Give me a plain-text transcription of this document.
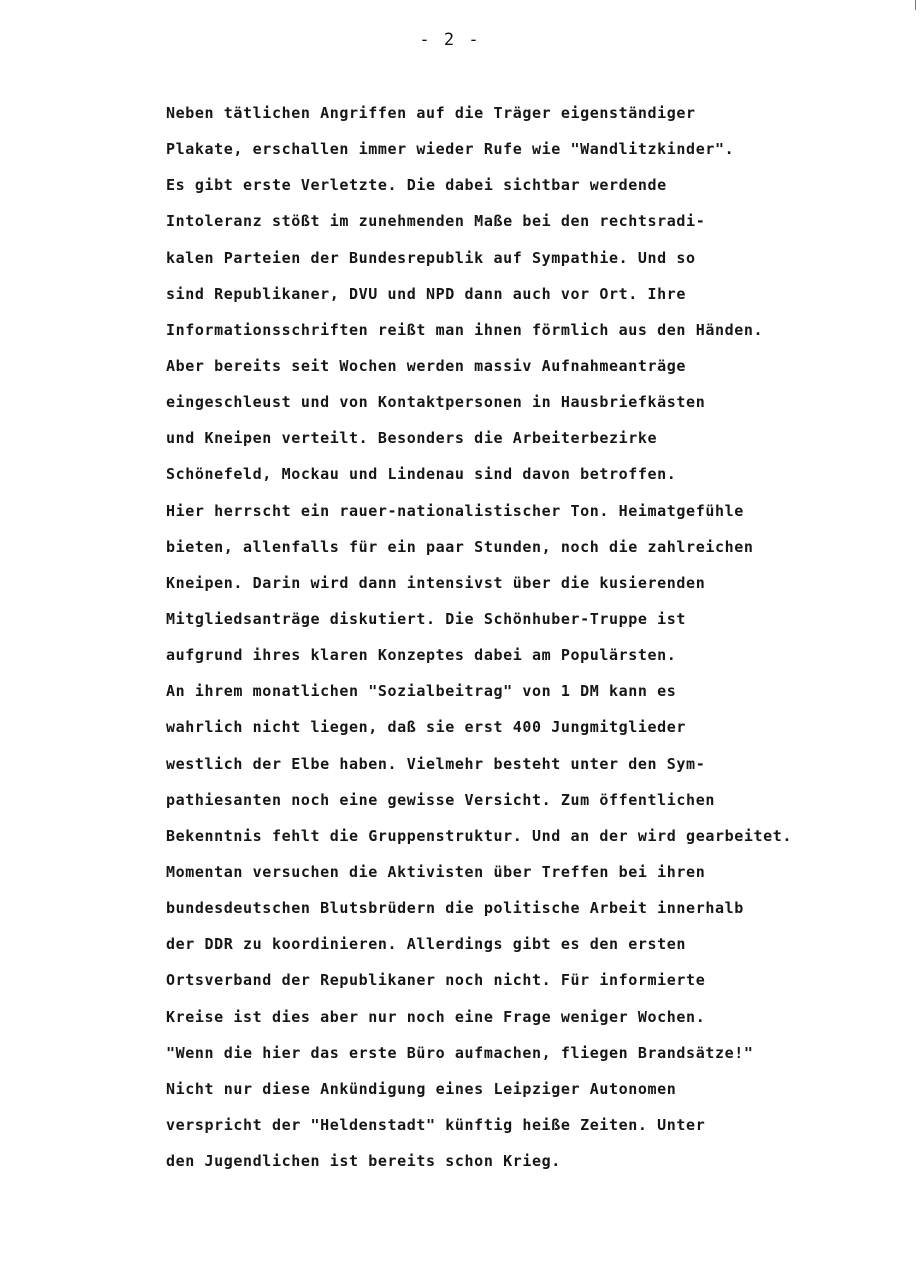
- 2 -
Neben tätlichen Angriffen auf die Träger eigenständiger
Plakate, erschallen immer wieder Rufe wie "Wandlitzkinder".
Es gibt erste Verletzte. Die dabei sichtbar werdende
Intoleranz stößt im zunehmenden Maße bei den rechtsradi-
kalen Parteien der Bundesrepublik auf Sympathie. Und so
sind Republikaner, DVU und NPD dann auch vor Ort. Ihre
Informationsschriften reißt man ihnen förmlich aus den Händen.
Aber bereits seit Wochen werden massiv Aufnahmeanträge
eingeschleust und von Kontaktpersonen in Hausbriefkästen
und Kneipen verteilt. Besonders die Arbeiterbezirke
Schönefeld, Mockau und Lindenau sind davon betroffen.
Hier herrscht ein rauer-nationalistischer Ton. Heimatgefühle
bieten, allenfalls für ein paar Stunden, noch die zahlreichen
Kneipen. Darin wird dann intensivst über die kusierenden
Mitgliedsanträge diskutiert. Die Schönhuber-Truppe ist
aufgrund ihres klaren Konzeptes dabei am Populärsten.
An ihrem monatlichen "Sozialbeitrag" von 1 DM kann es
wahrlich nicht liegen, daß sie erst 400 Jungmitglieder
westlich der Elbe haben. Vielmehr besteht unter den Sym-
pathiesanten noch eine gewisse Versicht. Zum öffentlichen
Bekenntnis fehlt die Gruppenstruktur. Und an der wird gearbeitet.
Momentan versuchen die Aktivisten über Treffen bei ihren
bundesdeutschen Blutsbrüdern die politische Arbeit innerhalb
der DDR zu koordinieren. Allerdings gibt es den ersten
Ortsverband der Republikaner noch nicht. Für informierte
Kreise ist dies aber nur noch eine Frage weniger Wochen.
"Wenn die hier das erste Büro aufmachen, fliegen Brandsätze!"
Nicht nur diese Ankündigung eines Leipziger Autonomen
verspricht der "Heldenstadt" künftig heiße Zeiten. Unter
den Jugendlichen ist bereits schon Krieg.
